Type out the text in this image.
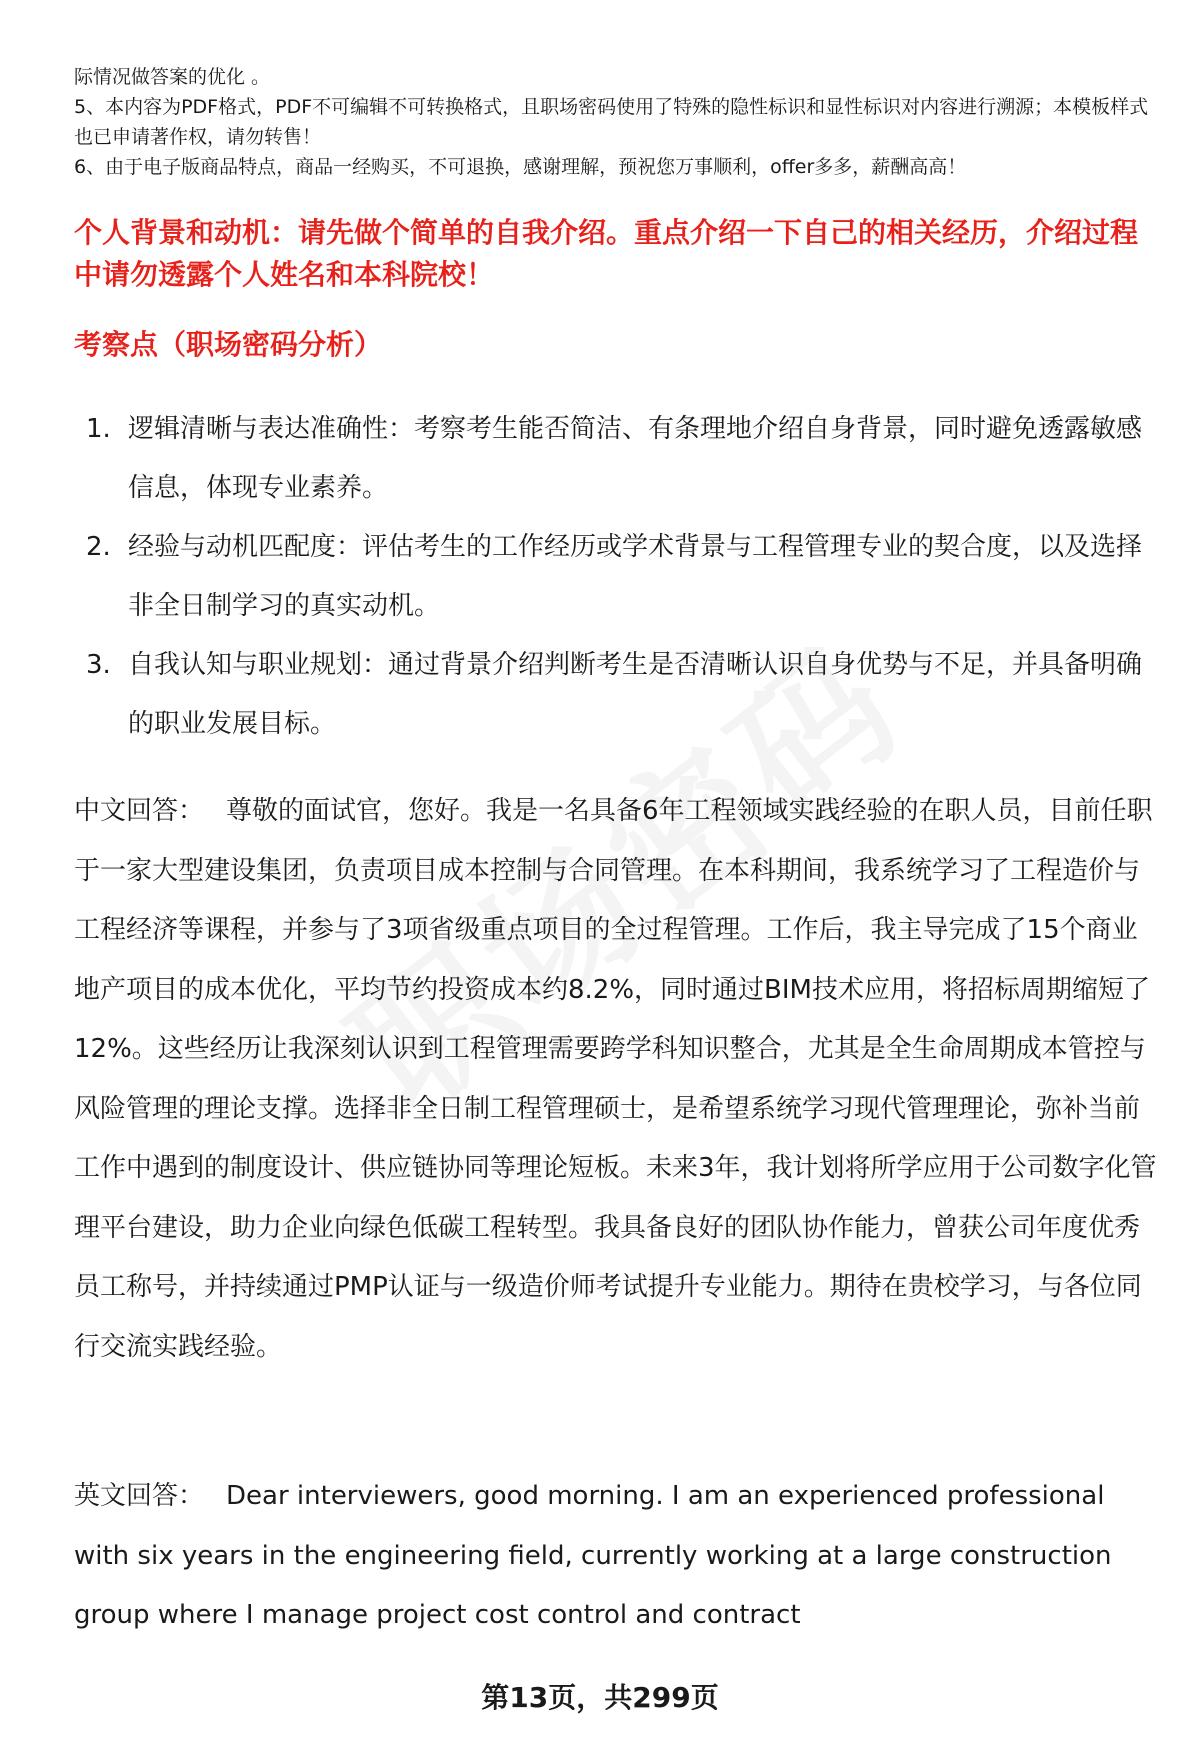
际情况做答案的优化 。

5、本内容为PDF格式，PDF不可编辑不可转换格式，且职场密码使用了特殊的隐性标识和显性标识对内容进行溯源；本模板样式也已申请著作权，请勿转售！

6、由于电子版商品特点，商品一经购买，不可退换，感谢理解，预祝您万事顺利，offer多多，薪酬高高！

个人背景和动机：请先做个简单的自我介绍。重点介绍一下自己的相关经历，介绍过程中请勿透露个人姓名和本科院校！

考察点（职场密码分析）

1. 逻辑清晰与表达准确性：考察考生能否简洁、有条理地介绍自身背景，同时避免透露敏感信息，体现专业素养。
2. 经验与动机匹配度：评估考生的工作经历或学术背景与工程管理专业的契合度，以及选择非全日制学习的真实动机。
3. 自我认知与职业规划：通过背景介绍判断考生是否清晰认识自身优势与不足，并具备明确的职业发展目标。

中文回答： 尊敬的面试官，您好。我是一名具备6年工程领域实践经验的在职人员，目前任职于一家大型建设集团，负责项目成本控制与合同管理。在本科期间，我系统学习了工程造价与工程经济等课程，并参与了3项省级重点项目的全过程管理。工作后，我主导完成了15个商业地产项目的成本优化，平均节约投资成本约8.2%，同时通过BIM技术应用，将招标周期缩短了12%。这些经历让我深刻认识到工程管理需要跨学科知识整合，尤其是全生命周期成本管控与风险管理的理论支撑。选择非全日制工程管理硕士，是希望系统学习现代管理理论，弥补当前工作中遇到的制度设计、供应链协同等理论短板。未来3年，我计划将所学应用于公司数字化管理平台建设，助力企业向绿色低碳工程转型。我具备良好的团队协作能力，曾获公司年度优秀员工称号，并持续通过PMP认证与一级造价师考试提升专业能力。期待在贵校学习，与各位同行交流实践经验。

英文回答： Dear interviewers, good morning. I am an experienced professional with six years in the engineering field, currently working at a large construction group where I manage project cost control and contract

第13页，共299页
